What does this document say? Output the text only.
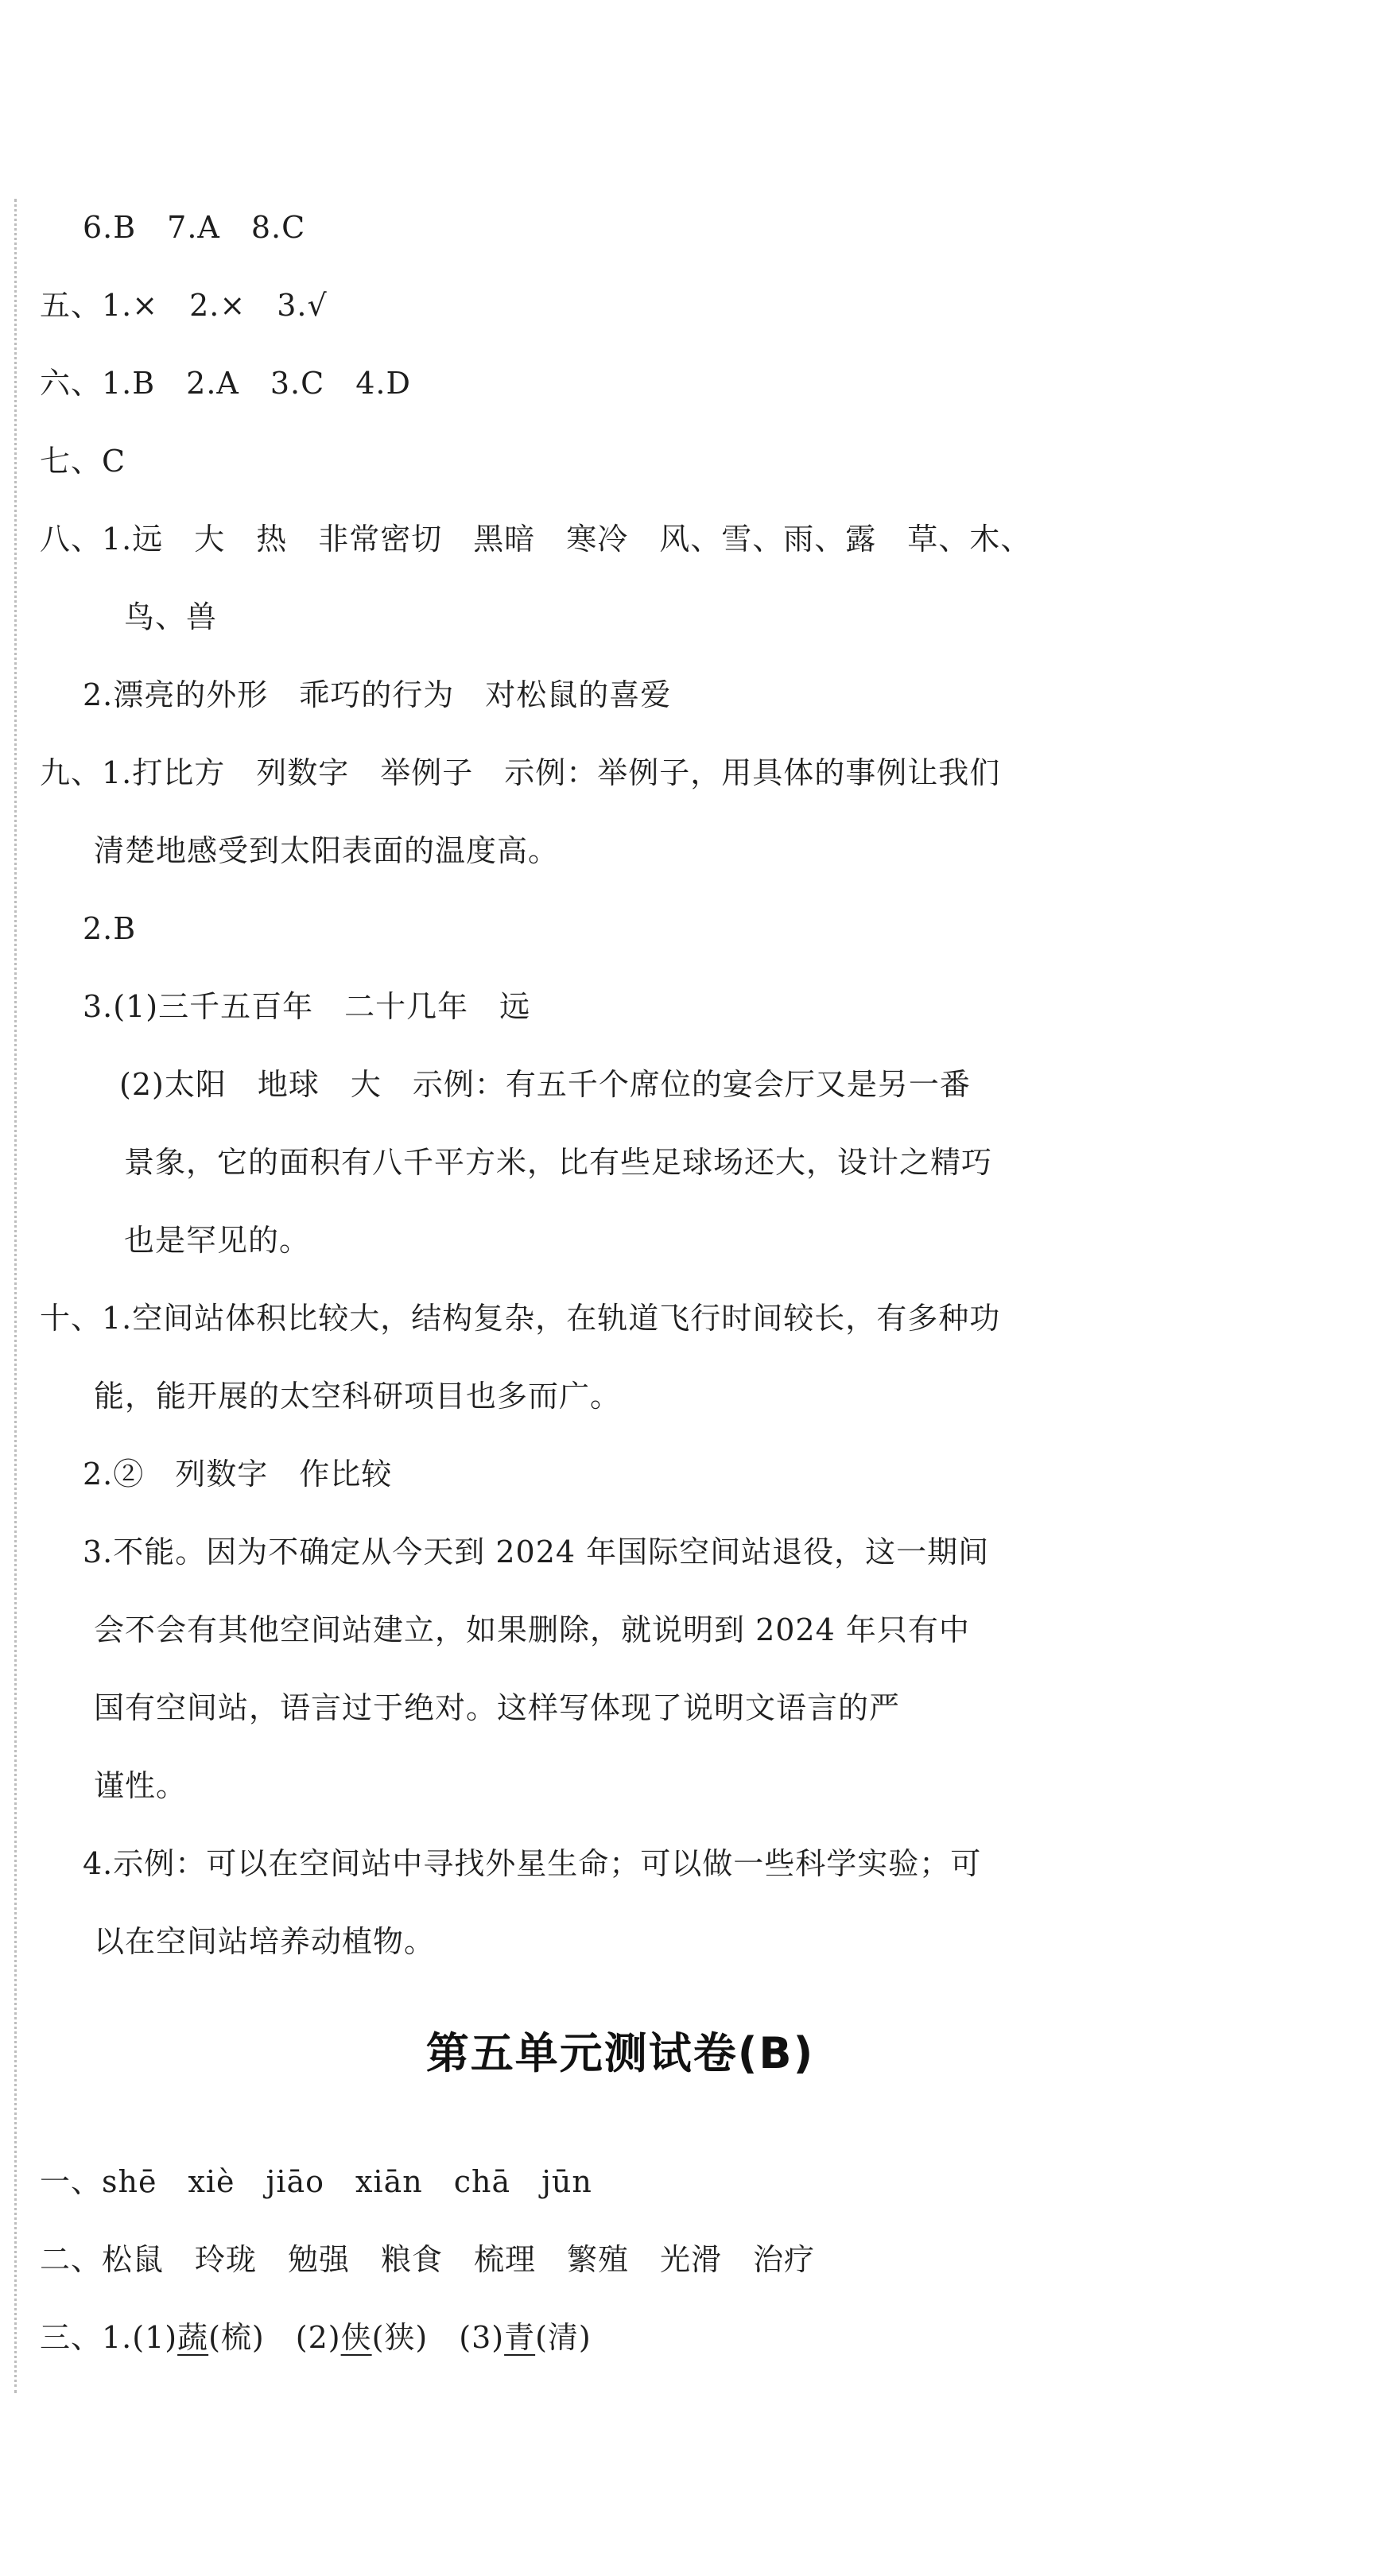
6.B　7.A　8.C
五、1.×　2.×　3.√
六、1.B　2.A　3.C　4.D
七、C
八、1.远　大　热　非常密切　黑暗　寒冷　风、雪、雨、露　草、木、
鸟、兽
2.漂亮的外形　乖巧的行为　对松鼠的喜爱
九、1.打比方　列数字　举例子　示例：举例子，用具体的事例让我们
清楚地感受到太阳表面的温度高。
2.B
3.(1)三千五百年　二十几年　远
(2)太阳　地球　大　示例：有五千个席位的宴会厅又是另一番
景象，它的面积有八千平方米，比有些足球场还大，设计之精巧
也是罕见的。
十、1.空间站体积比较大，结构复杂，在轨道飞行时间较长，有多种功
能，能开展的太空科研项目也多而广。
2.②　列数字　作比较
3.不能。因为不确定从今天到 2024 年国际空间站退役，这一期间
会不会有其他空间站建立，如果删除，就说明到 2024 年只有中
国有空间站，语言过于绝对。这样写体现了说明文语言的严
谨性。
4.示例：可以在空间站中寻找外星生命；可以做一些科学实验；可
以在空间站培养动植物。
第五单元测试卷(B)
一、shē　xiè　jiāo　xiān　chā　jūn
二、松鼠　玲珑　勉强　粮食　梳理　繁殖　光滑　治疗
三、1.(1)蔬(梳)　(2)侠(狭)　(3)青(清)
